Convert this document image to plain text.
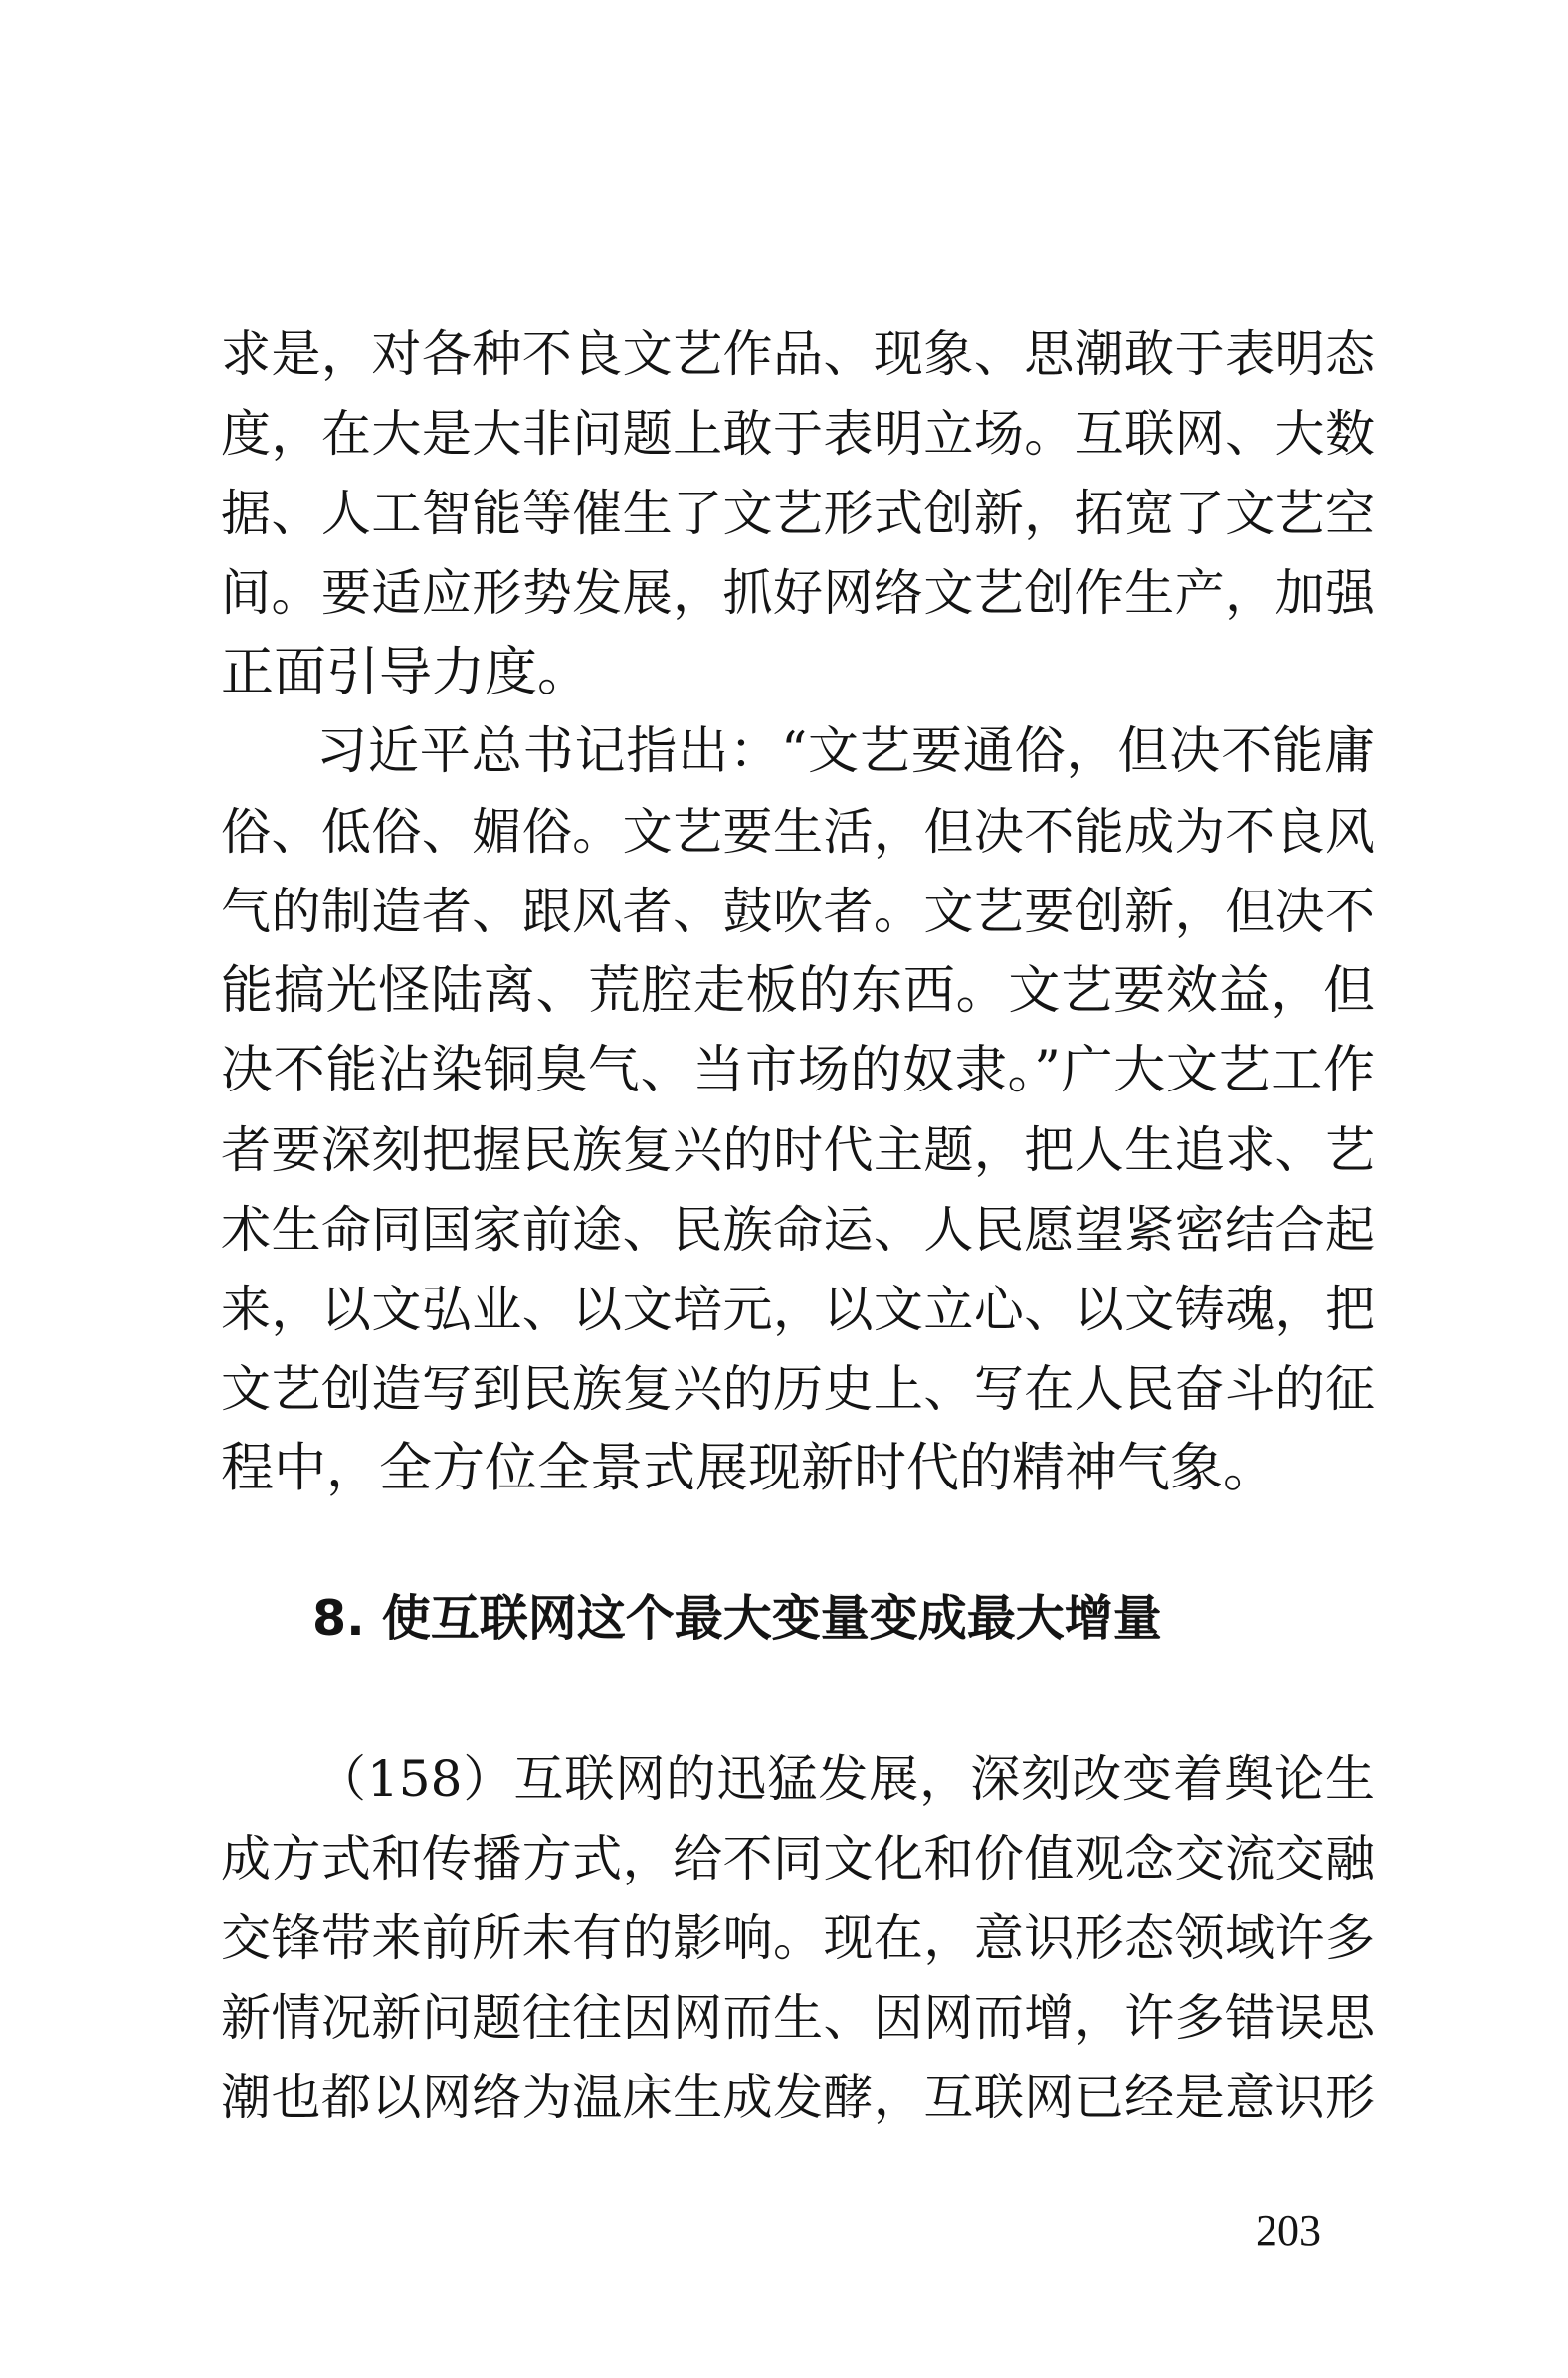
求是，对各种不良文艺作品、现象、思潮敢于表明态
度，在大是大非问题上敢于表明立场。互联网、大数
据、人工智能等催生了文艺形式创新，拓宽了文艺空
间。要适应形势发展，抓好网络文艺创作生产，加强
正面引导力度。
习近平总书记指出：“文艺要通俗，但决不能庸
俗、低俗、媚俗。文艺要生活，但决不能成为不良风
气的制造者、跟风者、鼓吹者。文艺要创新，但决不
能搞光怪陆离、荒腔走板的东西。文艺要效益，但
决不能沾染铜臭气、当市场的奴隶。”广大文艺工作
者要深刻把握民族复兴的时代主题，把人生追求、艺
术生命同国家前途、民族命运、人民愿望紧密结合起
来，以文弘业、以文培元，以文立心、以文铸魂，把
文艺创造写到民族复兴的历史上、写在人民奋斗的征
程中，全方位全景式展现新时代的精神气象。
8. 使互联网这个最大变量变成最大增量
（158）互联网的迅猛发展，深刻改变着舆论生
成方式和传播方式，给不同文化和价值观念交流交融
交锋带来前所未有的影响。现在，意识形态领域许多
新情况新问题往往因网而生、因网而增，许多错误思
潮也都以网络为温床生成发酵，互联网已经是意识形
203
